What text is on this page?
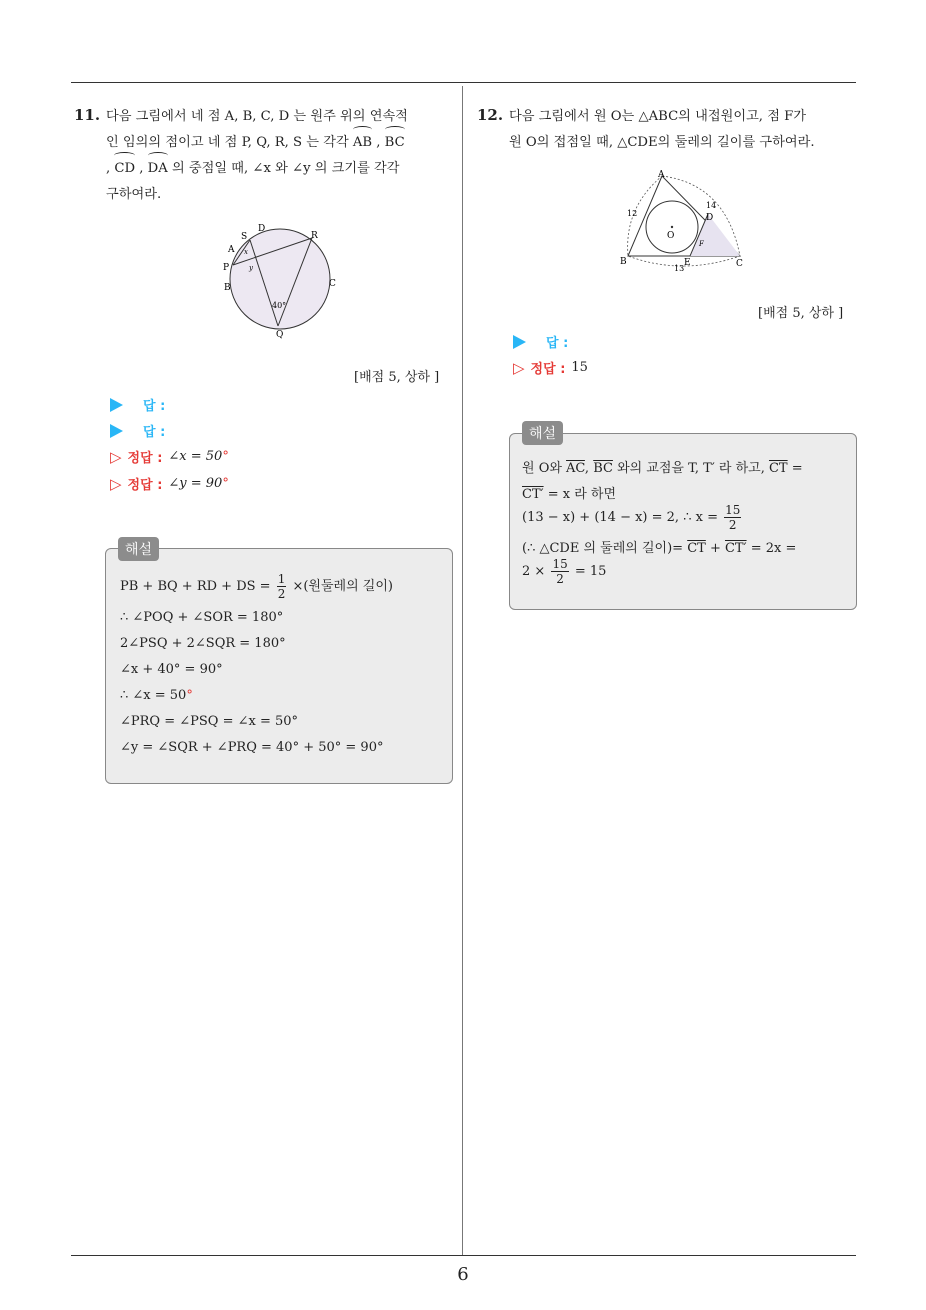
6
11. 다음 그림에서 네 점 A, B, C, D 는 원주 위의 연속적
인 임의의 점이고 네 점 P, Q, R, S 는 각각 AB , BC
, CD , DA 의 중점일 때, ∠x 와 ∠y 의 크기를 각각
구하여라.
D
S
A
P
B
R
C
Q
x
y
40°
[배점 5, 상하 ]
답 :
답 :
▷ 정답 : ∠x = 50°
▷ 정답 : ∠y = 90°
해설
PB + BQ + RD + DS = $\frac{1}{2}$ ×(원둘레의 길이)
∴ ∠POQ + ∠SOR = 180°
2∠PSQ + 2∠SQR = 180°
∠x + 40° = 90°
∴ ∠x = 50°
∠PRQ = ∠PSQ = ∠x = 50°
∠y = ∠SQR + ∠PRQ = 40° + 50° = 90°
12. 다음 그림에서 원 O는 △ABC의 내접원이고, 점 F가
원 O의 접점일 때, △CDE의 둘레의 길이를 구하여라.
A
B	C
D
E
F
O
12
14
13
[배점 5, 상하 ]
답 :
▷ 정답 : 15
해설
원 O와 $\overline{AC}$, $\overline{BC}$ 와의 교점을 T, T′ 라 하고, $\overline{CT}$ =
CT′ = x 라 하면
(13 − x) + (14 − x) = 2, ∴ $x = \frac{15}{2}$
(∴ △CDE 의 둘레의 길이)= $\overline{CT} + CT' = 2x$ =
$2 \times \frac{15}{2} = 15$
